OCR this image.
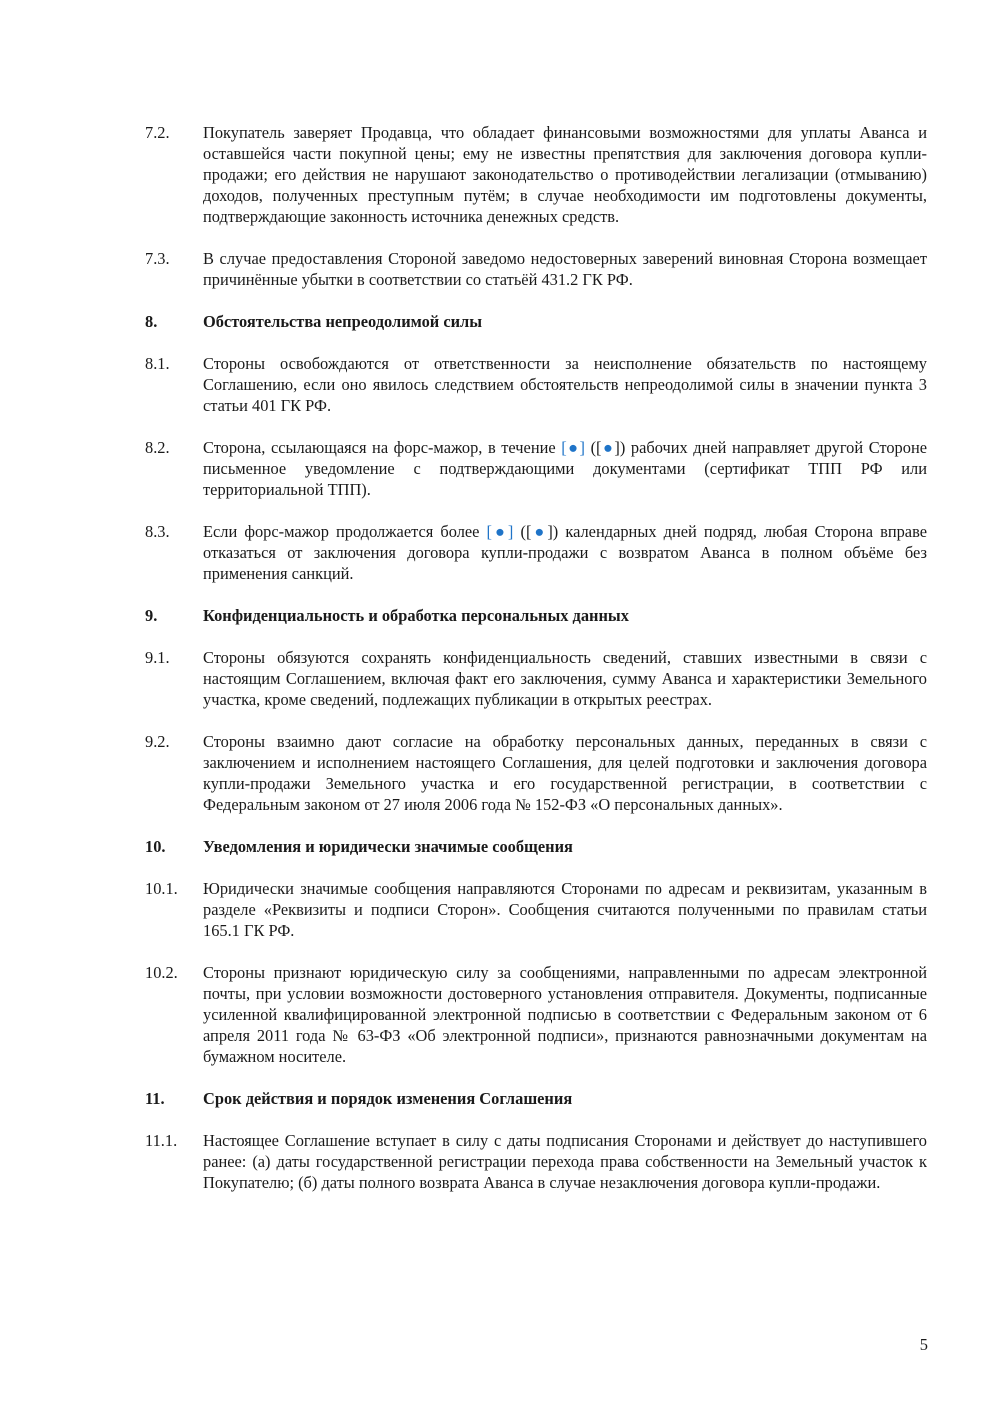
7.2.	Покупатель заверяет Продавца, что обладает финансовыми возможностями для уплаты Аванса и оставшейся части покупной цены; ему не известны препятствия для заключения договора купли-продажи; его действия не нарушают законодательство о противодействии легализации (отмыванию) доходов, полученных преступным путём; в случае необходимости им подготовлены документы, подтверждающие законность источника денежных средств.
7.3.	В случае предоставления Стороной заведомо недостоверных заверений виновная Сторона возмещает причинённые убытки в соответствии со статьёй 431.2 ГК РФ.
8.	Обстоятельства непреодолимой силы
8.1.	Стороны освобождаются от ответственности за неисполнение обязательств по настоящему Соглашению, если оно явилось следствием обстоятельств непреодолимой силы в значении пункта 3 статьи 401 ГК РФ.
8.2.	Сторона, ссылающаяся на форс-мажор, в течение [●] ([●]) рабочих дней направляет другой Стороне письменное уведомление с подтверждающими документами (сертификат ТПП РФ или территориальной ТПП).
8.3.	Если форс-мажор продолжается более [●] ([●]) календарных дней подряд, любая Сторона вправе отказаться от заключения договора купли-продажи с возвратом Аванса в полном объёме без применения санкций.
9.	Конфиденциальность и обработка персональных данных
9.1.	Стороны обязуются сохранять конфиденциальность сведений, ставших известными в связи с настоящим Соглашением, включая факт его заключения, сумму Аванса и характеристики Земельного участка, кроме сведений, подлежащих публикации в открытых реестрах.
9.2.	Стороны взаимно дают согласие на обработку персональных данных, переданных в связи с заключением и исполнением настоящего Соглашения, для целей подготовки и заключения договора купли-продажи Земельного участка и его государственной регистрации, в соответствии с Федеральным законом от 27 июля 2006 года № 152-ФЗ «О персональных данных».
10.	Уведомления и юридически значимые сообщения
10.1.	Юридически значимые сообщения направляются Сторонами по адресам и реквизитам, указанным в разделе «Реквизиты и подписи Сторон». Сообщения считаются полученными по правилам статьи 165.1 ГК РФ.
10.2.	Стороны признают юридическую силу за сообщениями, направленными по адресам электронной почты, при условии возможности достоверного установления отправителя. Документы, подписанные усиленной квалифицированной электронной подписью в соответствии с Федеральным законом от 6 апреля 2011 года № 63-ФЗ «Об электронной подписи», признаются равнозначными документам на бумажном носителе.
11.	Срок действия и порядок изменения Соглашения
11.1.	Настоящее Соглашение вступает в силу с даты подписания Сторонами и действует до наступившего ранее: (а) даты государственной регистрации перехода права собственности на Земельный участок к Покупателю; (б) даты полного возврата Аванса в случае незаключения договора купли-продажи.
5
